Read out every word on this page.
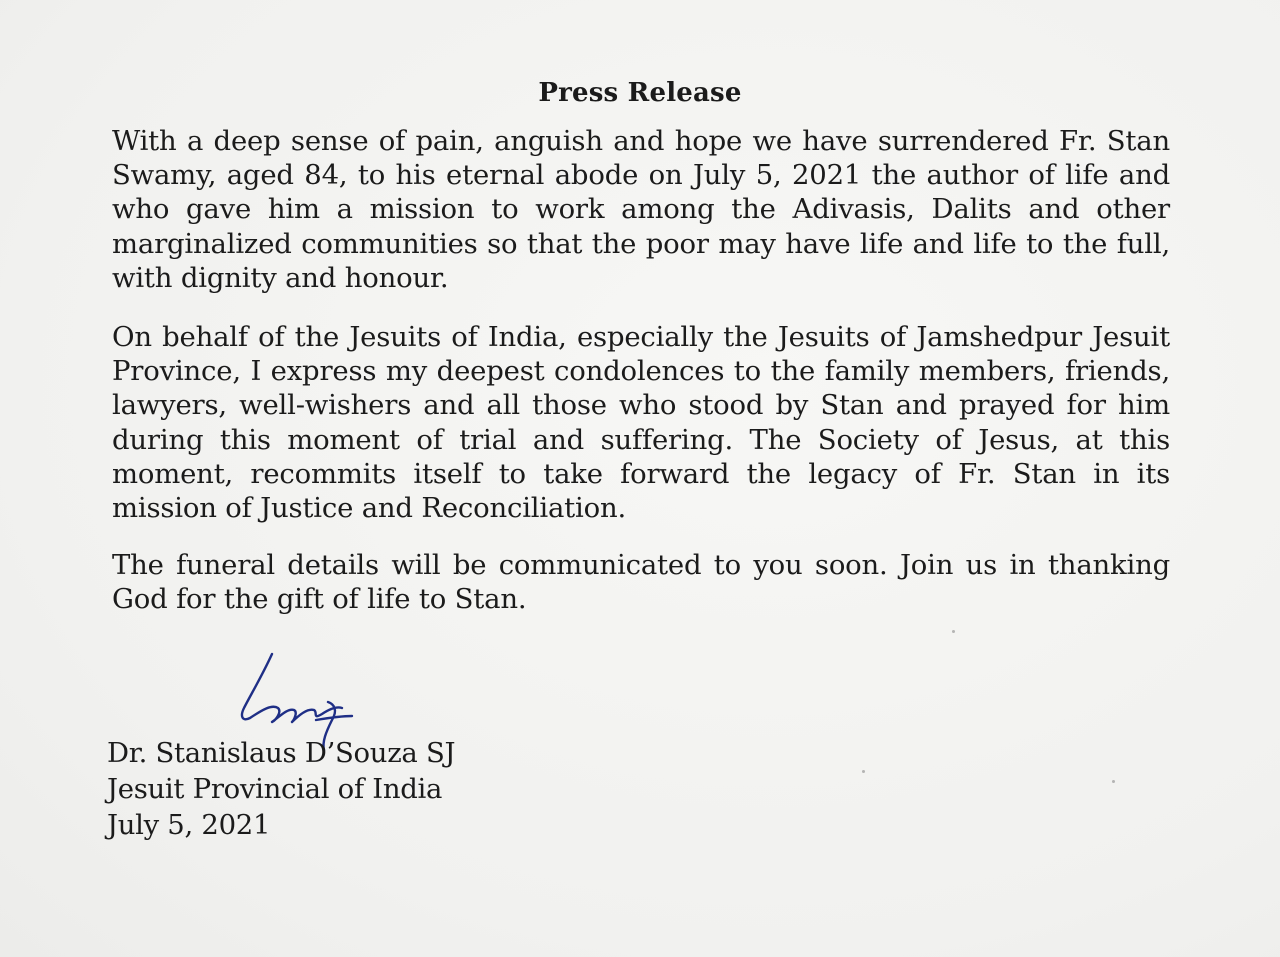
Press Release

With a deep sense of pain, anguish and hope we have surrendered Fr. Stan Swamy, aged 84, to his eternal abode on July 5, 2021 the author of life and who gave him a mission to work among the Adivasis, Dalits and other marginalized communities so that the poor may have life and life to the full, with dignity and honour.

On behalf of the Jesuits of India, especially the Jesuits of Jamshedpur Jesuit Province, I express my deepest condolences to the family members, friends, lawyers, well-wishers and all those who stood by Stan and prayed for him during this moment of trial and suffering. The Society of Jesus, at this moment, recommits itself to take forward the legacy of Fr. Stan in its mission of Justice and Reconciliation.

The funeral details will be communicated to you soon. Join us in thanking God for the gift of life to Stan.

Dr. Stanislaus D’Souza SJ
Jesuit Provincial of India
July 5, 2021
